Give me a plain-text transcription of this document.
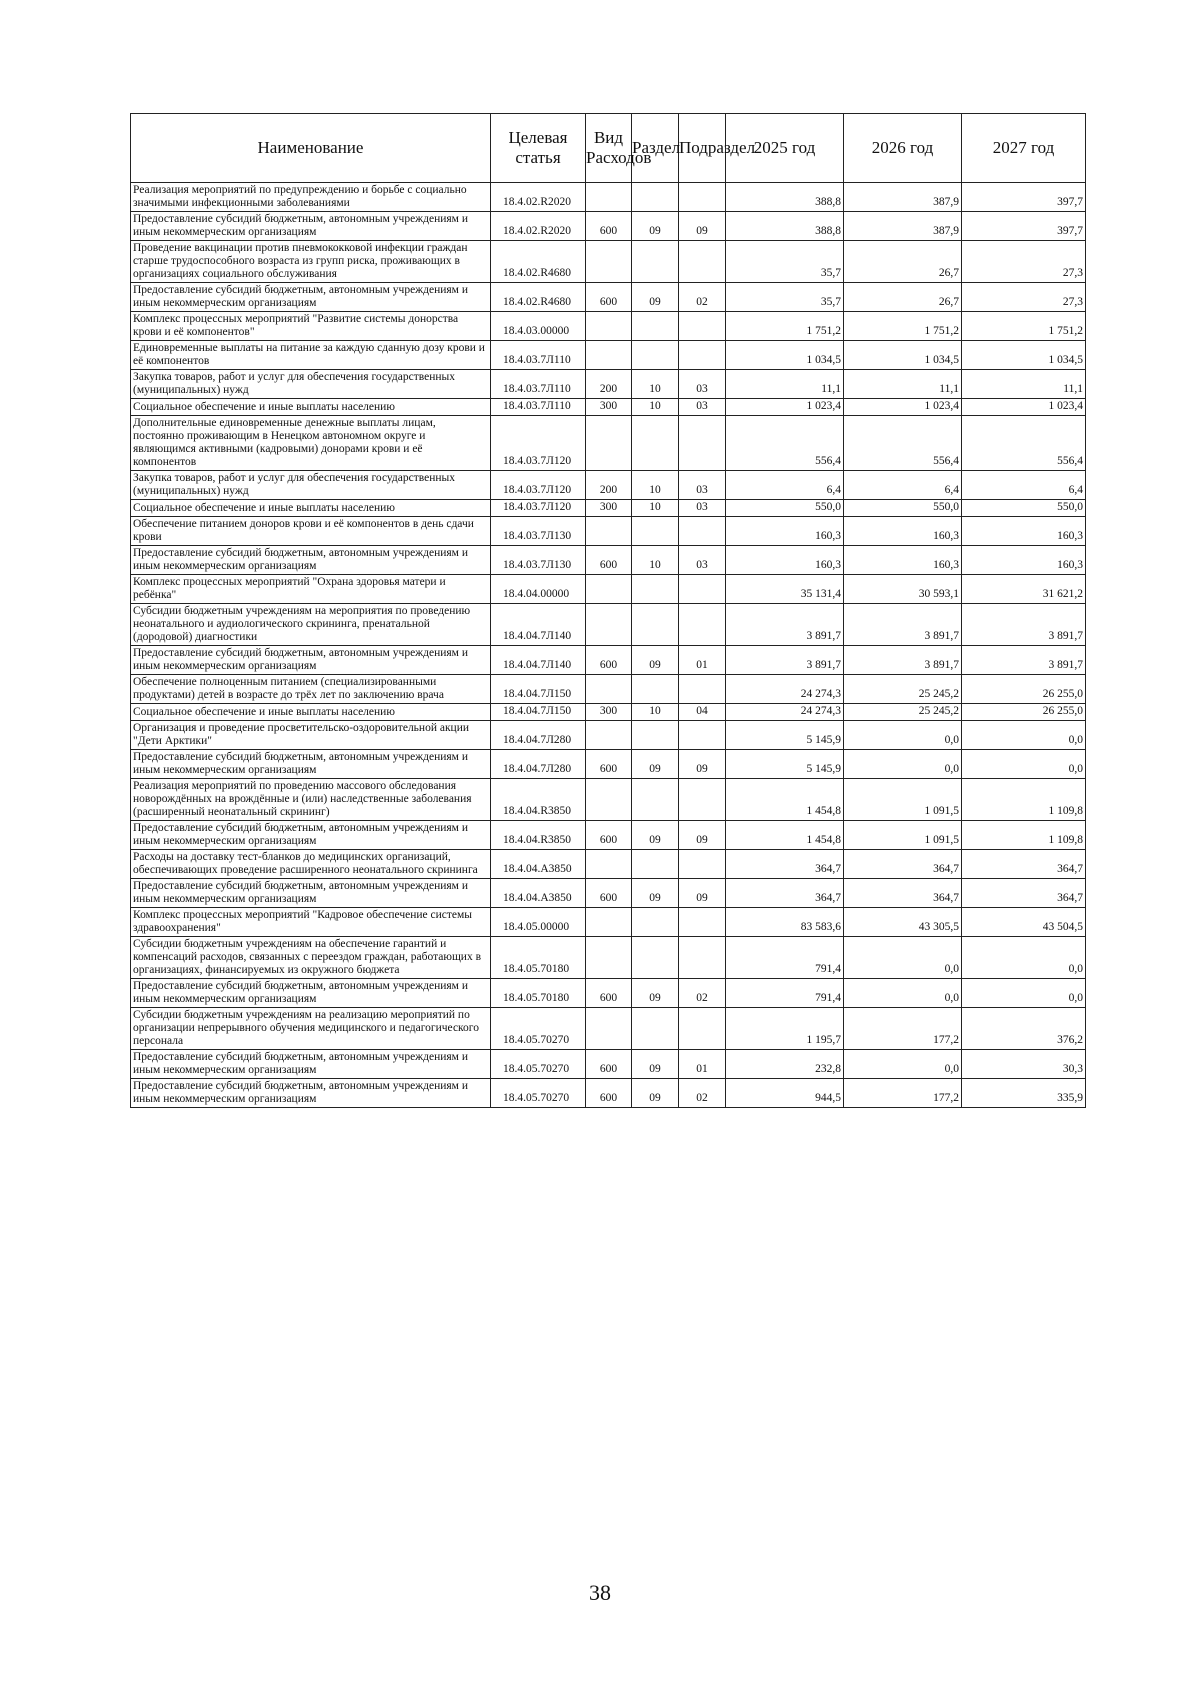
Наименование	Целевая статья	Вид Расходов	Раздел	Подраздел	2025 год	2026 год	2027 год
Реализация мероприятий по предупреждению и борьбе с социально значимыми инфекционными заболеваниями	18.4.02.R2020				388,8	387,9	397,7
Предоставление субсидий бюджетным, автономным учреждениям и иным некоммерческим организациям	18.4.02.R2020	600	09	09	388,8	387,9	397,7
Проведение вакцинации против пневмококковой инфекции граждан старше трудоспособного возраста из групп риска, проживающих в организациях социального обслуживания	18.4.02.R4680				35,7	26,7	27,3
Предоставление субсидий бюджетным, автономным учреждениям и иным некоммерческим организациям	18.4.02.R4680	600	09	02	35,7	26,7	27,3
Комплекс процессных мероприятий "Развитие системы донорства крови и её компонентов"	18.4.03.00000				1 751,2	1 751,2	1 751,2
Единовременные выплаты на питание за каждую сданную дозу крови и её компонентов	18.4.03.7Л110				1 034,5	1 034,5	1 034,5
Закупка товаров, работ и услуг для обеспечения государственных (муниципальных) нужд	18.4.03.7Л110	200	10	03	11,1	11,1	11,1
Социальное обеспечение и иные выплаты населению	18.4.03.7Л110	300	10	03	1 023,4	1 023,4	1 023,4
Дополнительные единовременные денежные выплаты лицам, постоянно проживающим в Ненецком автономном округе и являющимся активными (кадровыми) донорами крови и её компонентов	18.4.03.7Л120				556,4	556,4	556,4
Закупка товаров, работ и услуг для обеспечения государственных (муниципальных) нужд	18.4.03.7Л120	200	10	03	6,4	6,4	6,4
Социальное обеспечение и иные выплаты населению	18.4.03.7Л120	300	10	03	550,0	550,0	550,0
Обеспечение питанием доноров крови и её компонентов в день сдачи крови	18.4.03.7Л130				160,3	160,3	160,3
Предоставление субсидий бюджетным, автономным учреждениям и иным некоммерческим организациям	18.4.03.7Л130	600	10	03	160,3	160,3	160,3
Комплекс процессных мероприятий "Охрана здоровья матери и ребёнка"	18.4.04.00000				35 131,4	30 593,1	31 621,2
Субсидии бюджетным учреждениям на мероприятия по проведению неонатального и аудиологического скрининга, пренатальной (дородовой) диагностики	18.4.04.7Л140				3 891,7	3 891,7	3 891,7
Предоставление субсидий бюджетным, автономным учреждениям и иным некоммерческим организациям	18.4.04.7Л140	600	09	01	3 891,7	3 891,7	3 891,7
Обеспечение полноценным питанием (специализированными продуктами) детей в возрасте до трёх лет по заключению врача	18.4.04.7Л150				24 274,3	25 245,2	26 255,0
Социальное обеспечение и иные выплаты населению	18.4.04.7Л150	300	10	04	24 274,3	25 245,2	26 255,0
Организация и проведение просветительско-оздоровительной акции "Дети Арктики"	18.4.04.7Л280				5 145,9	0,0	0,0
Предоставление субсидий бюджетным, автономным учреждениям и иным некоммерческим организациям	18.4.04.7Л280	600	09	09	5 145,9	0,0	0,0
Реализация мероприятий по проведению массового обследования новорождённых на врождённые и (или) наследственные заболевания (расширенный неонатальный скрининг)	18.4.04.R3850				1 454,8	1 091,5	1 109,8
Предоставление субсидий бюджетным, автономным учреждениям и иным некоммерческим организациям	18.4.04.R3850	600	09	09	1 454,8	1 091,5	1 109,8
Расходы на доставку тест-бланков до медицинских организаций, обеспечивающих проведение расширенного неонатального скрининга	18.4.04.А3850				364,7	364,7	364,7
Предоставление субсидий бюджетным, автономным учреждениям и иным некоммерческим организациям	18.4.04.А3850	600	09	09	364,7	364,7	364,7
Комплекс процессных мероприятий "Кадровое обеспечение системы здравоохранения"	18.4.05.00000				83 583,6	43 305,5	43 504,5
Субсидии бюджетным учреждениям на обеспечение гарантий и компенсаций расходов, связанных с переездом граждан, работающих в организациях, финансируемых из окружного бюджета	18.4.05.70180				791,4	0,0	0,0
Предоставление субсидий бюджетным, автономным учреждениям и иным некоммерческим организациям	18.4.05.70180	600	09	02	791,4	0,0	0,0
Субсидии бюджетным учреждениям на реализацию мероприятий по организации непрерывного обучения медицинского и педагогического персонала	18.4.05.70270				1 195,7	177,2	376,2
Предоставление субсидий бюджетным, автономным учреждениям и иным некоммерческим организациям	18.4.05.70270	600	09	01	232,8	0,0	30,3
Предоставление субсидий бюджетным, автономным учреждениям и иным некоммерческим организациям	18.4.05.70270	600	09	02	944,5	177,2	335,9
38
